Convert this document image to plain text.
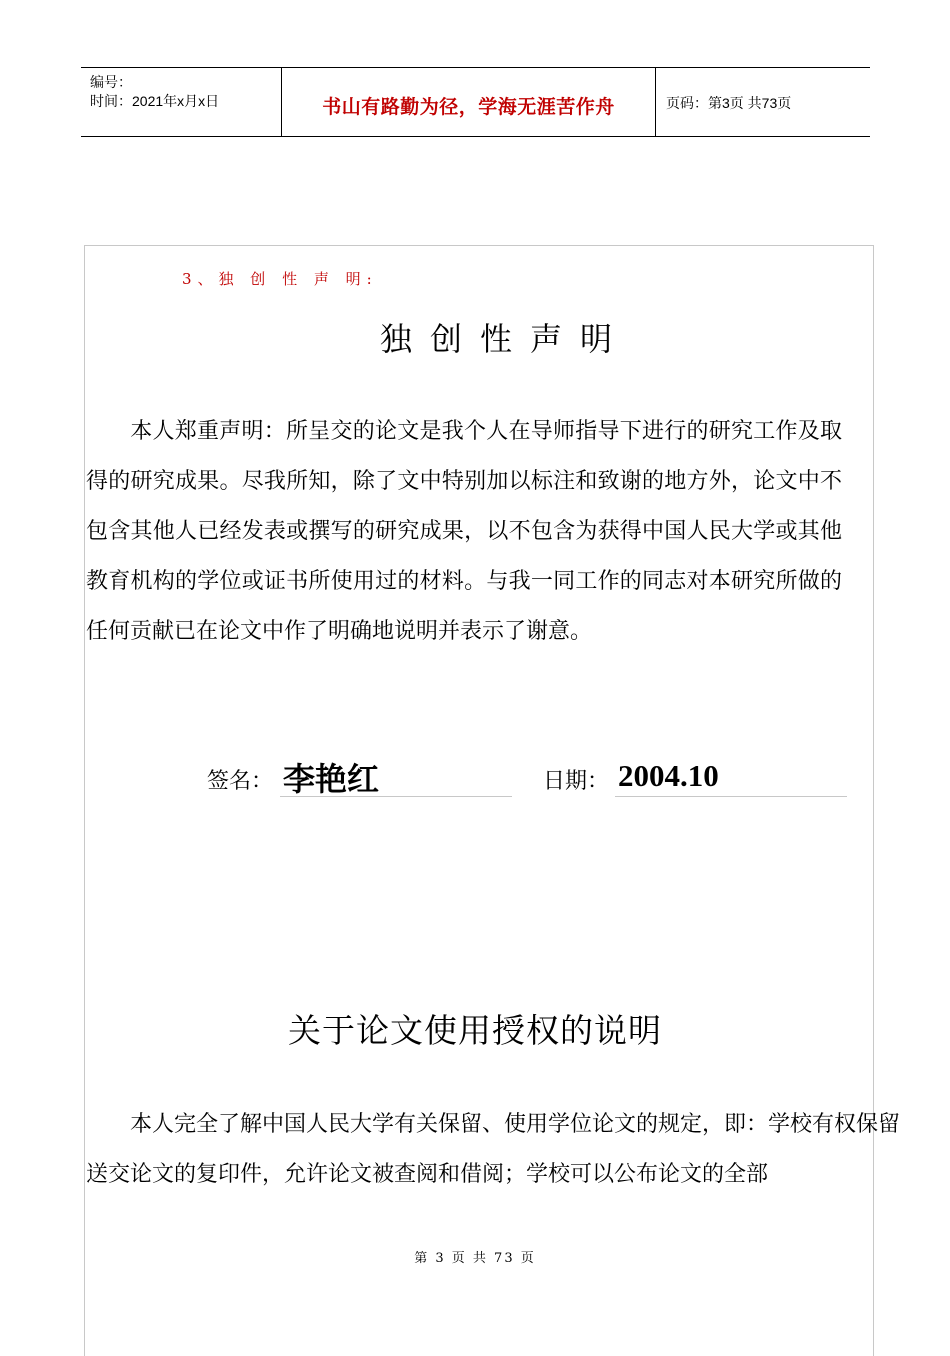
编号：
时间：2021年x月x日	书山有路勤为径，学海无涯苦作舟	页码：第3页 共73页
3、独 创 性 声 明:
独创性声明
本人郑重声明：所呈交的论文是我个人在导师指导下进行的研究工作及取得的研究成果。尽我所知，除了文中特别加以标注和致谢的地方外，论文中不包含其他人已经发表或撰写的研究成果，以不包含为获得中国人民大学或其他教育机构的学位或证书所使用过的材料。与我一同工作的同志对本研究所做的任何贡献已在论文中作了明确地说明并表示了谢意。
签名： 李艳红	日期： 2004.10
关于论文使用授权的说明
本人完全了解中国人民大学有关保留、使用学位论文的规定，即：学校有权保留送交论文的复印件，允许论文被查阅和借阅；学校可以公布论文的全部
第 3 页 共 73 页
